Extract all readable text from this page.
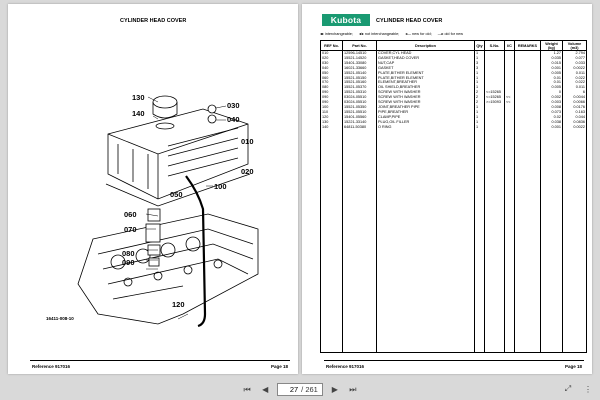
CYLINDER HEAD COVER
130
140
030
040
010
020
100
050
060
070
080
090
120
16411-008-10
Reference 917016	Page 18
Kubota	CYLINDER HEAD COVER
◂▸ interchangeable; ◂/▸ not interchangeable; ◂— new for old; —▸ old for new
REF No.	Part No.	Description	Qty	S.No.	I/C	REMARKS	Weight (kg)	Volume (m3)
010	12596-14510	COVER,CYL HEAD	1				1.27	2.794
020	15521-14520	GASKET,HEAD COVER	1				0.035	0.077
030	15401-33080	NUT,CAP	3				0.015	0.033
040	16021-33660	GASKET	3				0.001	0.0022
050	15521-05140	PLATE,BITHER ELEMENT	1				0.005	0.011
060	15521-05150	PLATE,BITHER ELEMENT	1				0.01	0.022
070	15521-05160	ELEMENT,BREATHER	1				0.01	0.022
080	15521-05370	OIL SHIELD,BREATHER	1				0.005	0.011
090	15521-05310	SCREW WITH WASHER	2	<=15265			0	6
090	03024-05510	SCREW WITH WASHER	2	<=15265	<<		0.002	0.0044
090	03024-05510	SCREW WITH WASHER	2	>=15093	<<		0.003	0.0066
100	15521-05350	JOINT,BREATHER PIPE	1				0.008	0.0176
110	15521-05510	PIPE,BREATHER	1				0.073	0.163
120	15401-05560	CLAMP,PIPE	1				0.02	0.044
130	15221-33140	PLUG,OIL FILLER	1				0.038	0.0836
140	64811-50380	O RING	1				0.001	0.0022

Reference 917016	Page 18
⏮	◀
27	/ 261	▶	⏭	⤢	⋮
